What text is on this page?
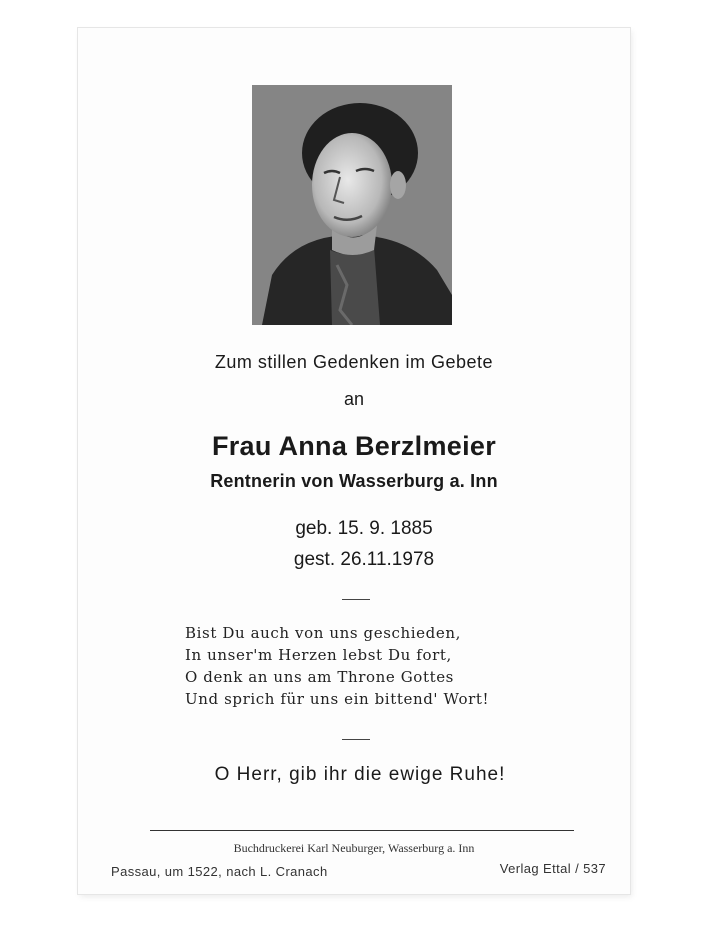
Zum stillen Gedenken im Gebete
an
Frau Anna Berzlmeier
Rentnerin von Wasserburg a. Inn
geb. 15. 9. 1885
gest. 26.11.1978
Bist Du auch von uns geschieden,
In unser'm Herzen lebst Du fort,
O denk an uns am Throne Gottes
Und sprich für uns ein bittend' Wort!
O Herr, gib ihr die ewige Ruhe!
Buchdruckerei Karl Neuburger, Wasserburg a. Inn
Passau, um 1522, nach L. Cranach	Verlag Ettal / 537
